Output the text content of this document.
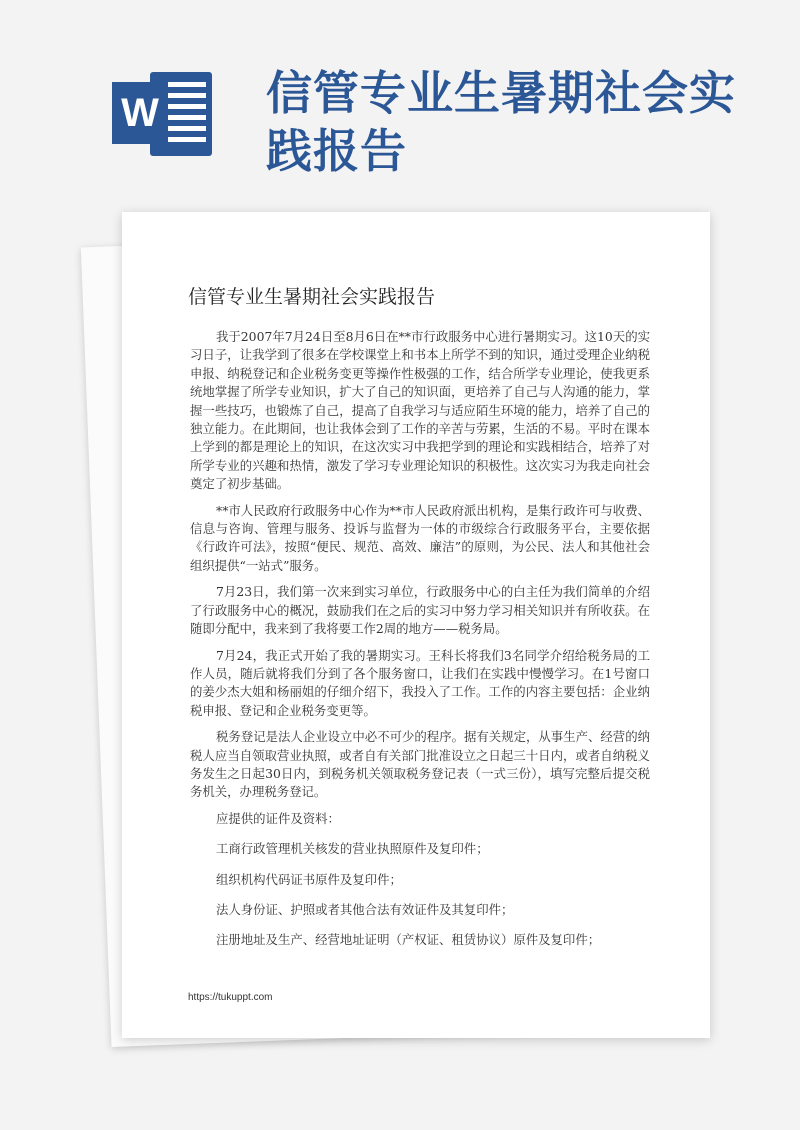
W 信管专业生暑期社会实践报告
信管专业生暑期社会实践报告

我于2007年7月24日至8月6日在**市行政服务中心进行暑期实习。这10天的实习日子，让我学到了很多在学校课堂上和书本上所学不到的知识，通过受理企业纳税申报、纳税登记和企业税务变更等操作性极强的工作，结合所学专业理论，使我更系统地掌握了所学专业知识，扩大了自己的知识面，更培养了自己与人沟通的能力，掌握一些技巧，也锻炼了自己，提高了自我学习与适应陌生环境的能力，培养了自己的独立能力。在此期间，也让我体会到了工作的辛苦与劳累，生活的不易。平时在课本上学到的都是理论上的知识，在这次实习中我把学到的理论和实践相结合，培养了对所学专业的兴趣和热情，激发了学习专业理论知识的积极性。这次实习为我走向社会奠定了初步基础。

**市人民政府行政服务中心作为**市人民政府派出机构，是集行政许可与收费、信息与咨询、管理与服务、投诉与监督为一体的市级综合行政服务平台，主要依据《行政许可法》，按照“便民、规范、高效、廉洁”的原则，为公民、法人和其他社会组织提供“一站式”服务。

7月23日，我们第一次来到实习单位，行政服务中心的白主任为我们简单的介绍了行政服务中心的概况，鼓励我们在之后的实习中努力学习相关知识并有所收获。在随即分配中，我来到了我将要工作2周的地方——税务局。

7月24，我正式开始了我的暑期实习。王科长将我们3名同学介绍给税务局的工作人员，随后就将我们分到了各个服务窗口，让我们在实践中慢慢学习。在1号窗口的姜少杰大姐和杨丽姐的仔细介绍下，我投入了工作。工作的内容主要包括：企业纳税申报、登记和企业税务变更等。

税务登记是法人企业设立中必不可少的程序。据有关规定，从事生产、经营的纳税人应当自领取营业执照，或者自有关部门批准设立之日起三十日内，或者自纳税义务发生之日起30日内，到税务机关领取税务登记表（一式三份），填写完整后提交税务机关，办理税务登记。

应提供的证件及资料：

工商行政管理机关核发的营业执照原件及复印件；

组织机构代码证书原件及复印件；

法人身份证、护照或者其他合法有效证件及其复印件；

注册地址及生产、经营地址证明（产权证、租赁协议）原件及复印件；

https://tukuppt.com
